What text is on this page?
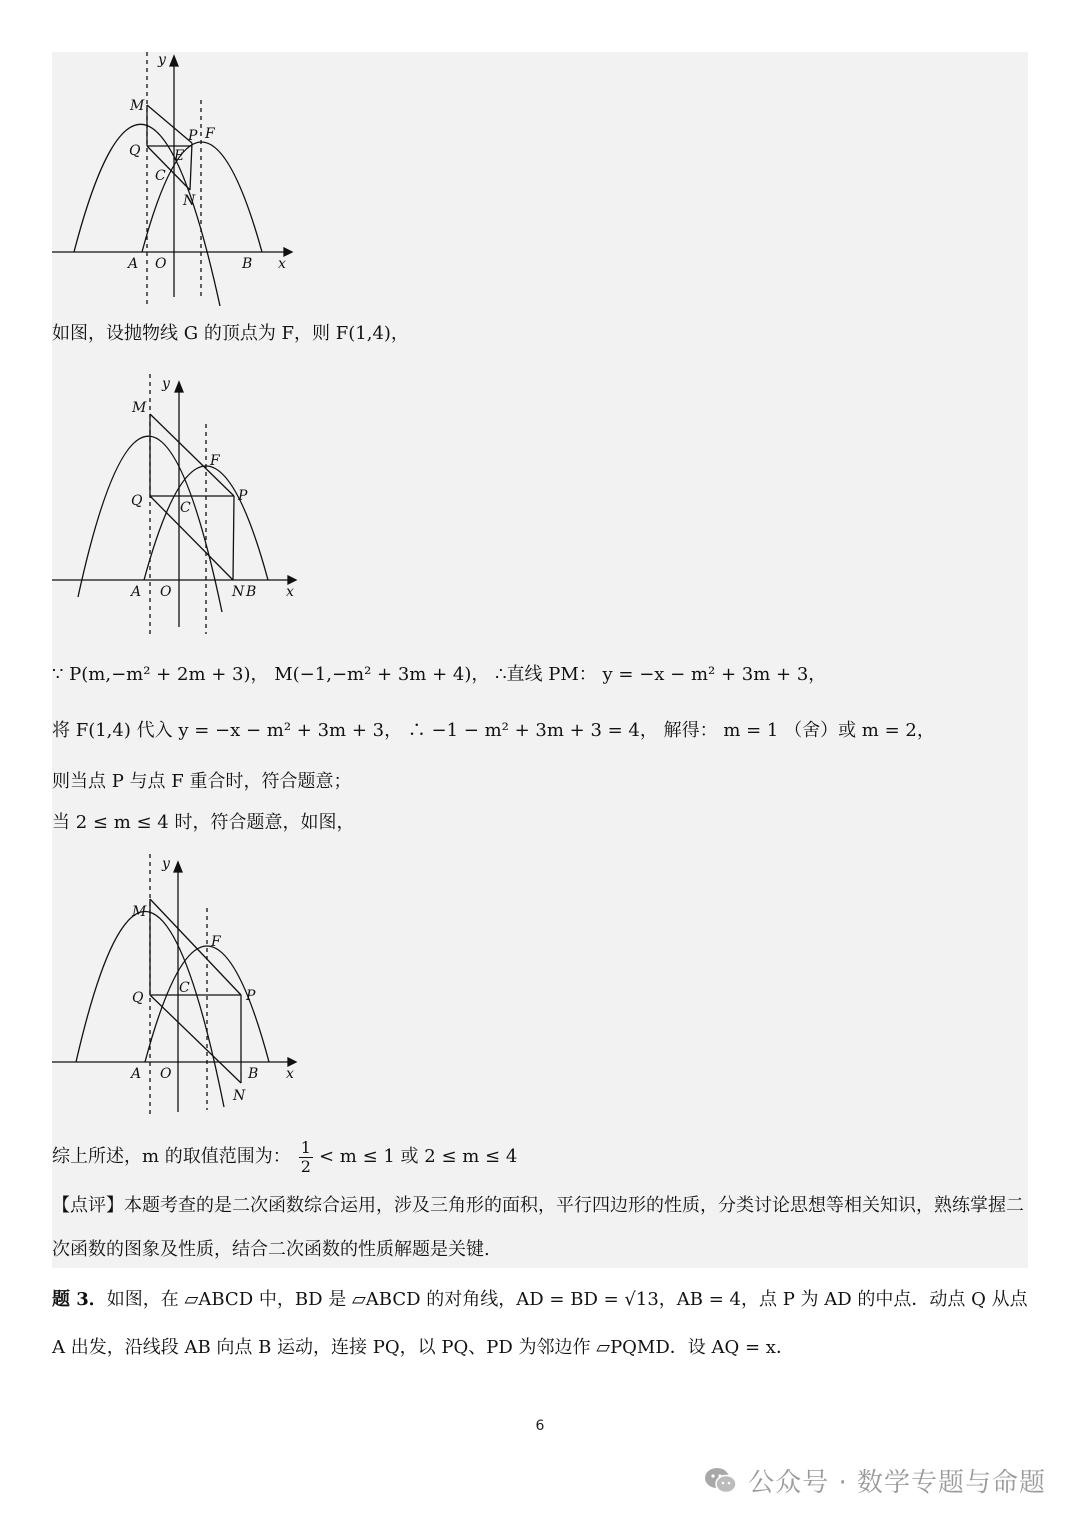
y
M
P F
Q E
C
N
A O	B x
如图，设抛物线 G 的顶点为 F，则 F(1,4)，
y
M
F
Q	C
P
A O	N B x
∵ P(m,−m² + 2m + 3)， M(−1,−m² + 3m + 4)， ∴直线 PM： y = −x − m² + 3m + 3，
将 F(1,4) 代入 y = −x − m² + 3m + 3， ∴ −1 − m² + 3m + 3 = 4， 解得： m = 1 （舍）或 m = 2，
则当点 P 与点 F 重合时，符合题意；
当 2 ≤ m ≤ 4 时，符合题意，如图，
y
M
F
Q
C	P
A O	B
N
x
综上所述，m 的取值范围为： $\frac{1}{2} < m \le 1$ 或 2 ≤ m ≤ 4
【点评】本题考查的是二次函数综合运用，涉及三角形的面积，平行四边形的性质，分类讨论思想等相关知识，熟练掌握二次函数的图象及性质，结合二次函数的性质解题是关键.
题 3．如图，在 ▱ABCD 中，BD 是 ▱ABCD 的对角线，AD = BD = √13，AB = 4，点 P 为 AD 的中点．动点 Q 从点 A 出发，沿线段 AB 向点 B 运动，连接 PQ，以 PQ、PD 为邻边作 ▱PQMD．设 AQ = x．
6
公众号 · 数学专题与命题
